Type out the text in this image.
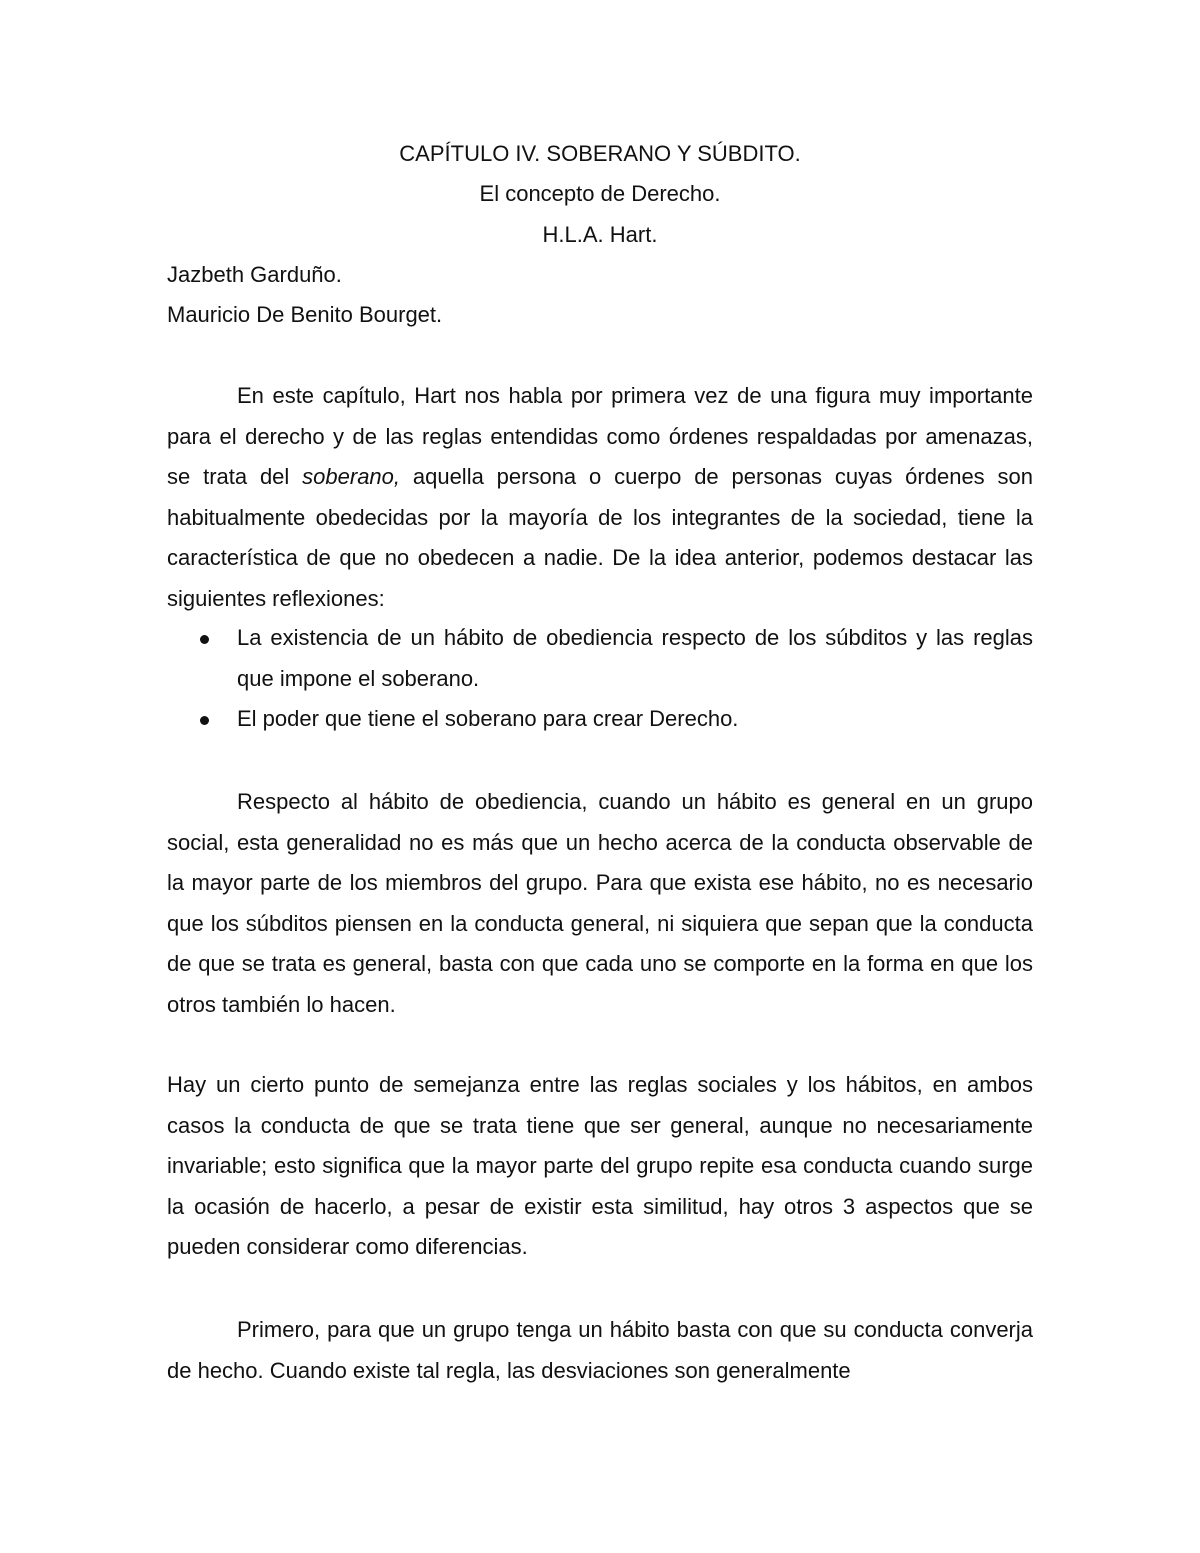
CAPÍTULO IV. SOBERANO Y SÚBDITO.

El concepto de Derecho.

H.L.A. Hart.

Jazbeth Garduño.

Mauricio De Benito Bourget.

En este capítulo, Hart nos habla por primera vez de una figura muy importante para el derecho y de las reglas entendidas como órdenes respaldadas por amenazas, se trata del soberano, aquella persona o cuerpo de personas cuyas órdenes son habitualmente obedecidas por la mayoría de los integrantes de la sociedad, tiene la característica de que no obedecen a nadie. De la idea anterior, podemos destacar las siguientes reflexiones:

La existencia de un hábito de obediencia respecto de los súbditos y las reglas que impone el soberano.
El poder que tiene el soberano para crear Derecho.

Respecto al hábito de obediencia, cuando un hábito es general en un grupo social, esta generalidad no es más que un hecho acerca de la conducta observable de la mayor parte de los miembros del grupo. Para que exista ese hábito, no es necesario que los súbditos piensen en la conducta general, ni siquiera que sepan que la conducta de que se trata es general, basta con que cada uno se comporte en la forma en que los otros también lo hacen.

Hay un cierto punto de semejanza entre las reglas sociales y los hábitos, en ambos casos la conducta de que se trata tiene que ser general, aunque no necesariamente invariable; esto significa que la mayor parte del grupo repite esa conducta cuando surge la ocasión de hacerlo, a pesar de existir esta similitud, hay otros 3 aspectos que se pueden considerar como diferencias.

Primero, para que un grupo tenga un hábito basta con que su conducta converja de hecho. Cuando existe tal regla, las desviaciones son generalmente
